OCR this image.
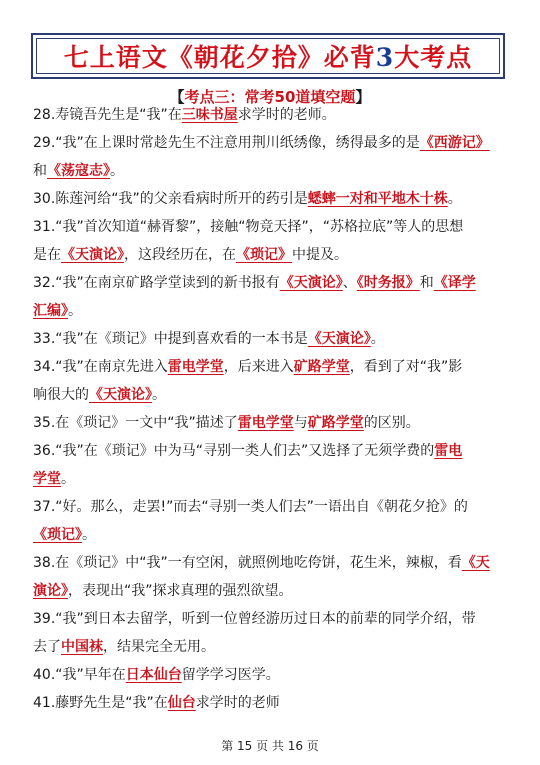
七上语文《朝花夕拾》必背3大考点
【考点三：常考50道填空题】
28.寿镜吾先生是“我”在三味书屋求学时的老师。
29.“我”在上课时常趁先生不注意用荆川纸绣像，绣得最多的是《西游记》
和《荡寇志》。
30.陈莲河给“我”的父亲看病时所开的药引是蟋蟀一对和平地木十株。
31.“我”首次知道“赫胥黎”，接触“物竞天择”，“苏格拉底”等人的思想
是在《天演论》，这段经历在，在《琐记》中提及。
32.“我”在南京矿路学堂读到的新书报有《天演论》、《时务报》和《译学
汇编》。
33.“我”在《琐记》中提到喜欢看的一本书是《天演论》。
34.“我”在南京先进入雷电学堂，后来进入矿路学堂，看到了对“我”影
响很大的《天演论》。
35.在《琐记》一文中“我”描述了雷电学堂与矿路学堂的区别。
36.“我”在《琐记》中为马“寻别一类人们去”又选择了无须学费的雷电
学堂。
37.“好。那么，走罢!”而去“寻别一类人们去”一语出自《朝花夕抢》的
《琐记》。
38.在《琐记》中“我”一有空闲，就照例地吃侉饼，花生米，辣椒，看《天
演论》，表现出“我”探求真理的强烈欲望。
39.“我”到日本去留学，听到一位曾经游历过日本的前辈的同学介绍，带
去了中国袜，结果完全无用。
40.“我”早年在日本仙台留学学习医学。
41.藤野先生是“我”在仙台求学时的老师
第 15 页 共 16 页
